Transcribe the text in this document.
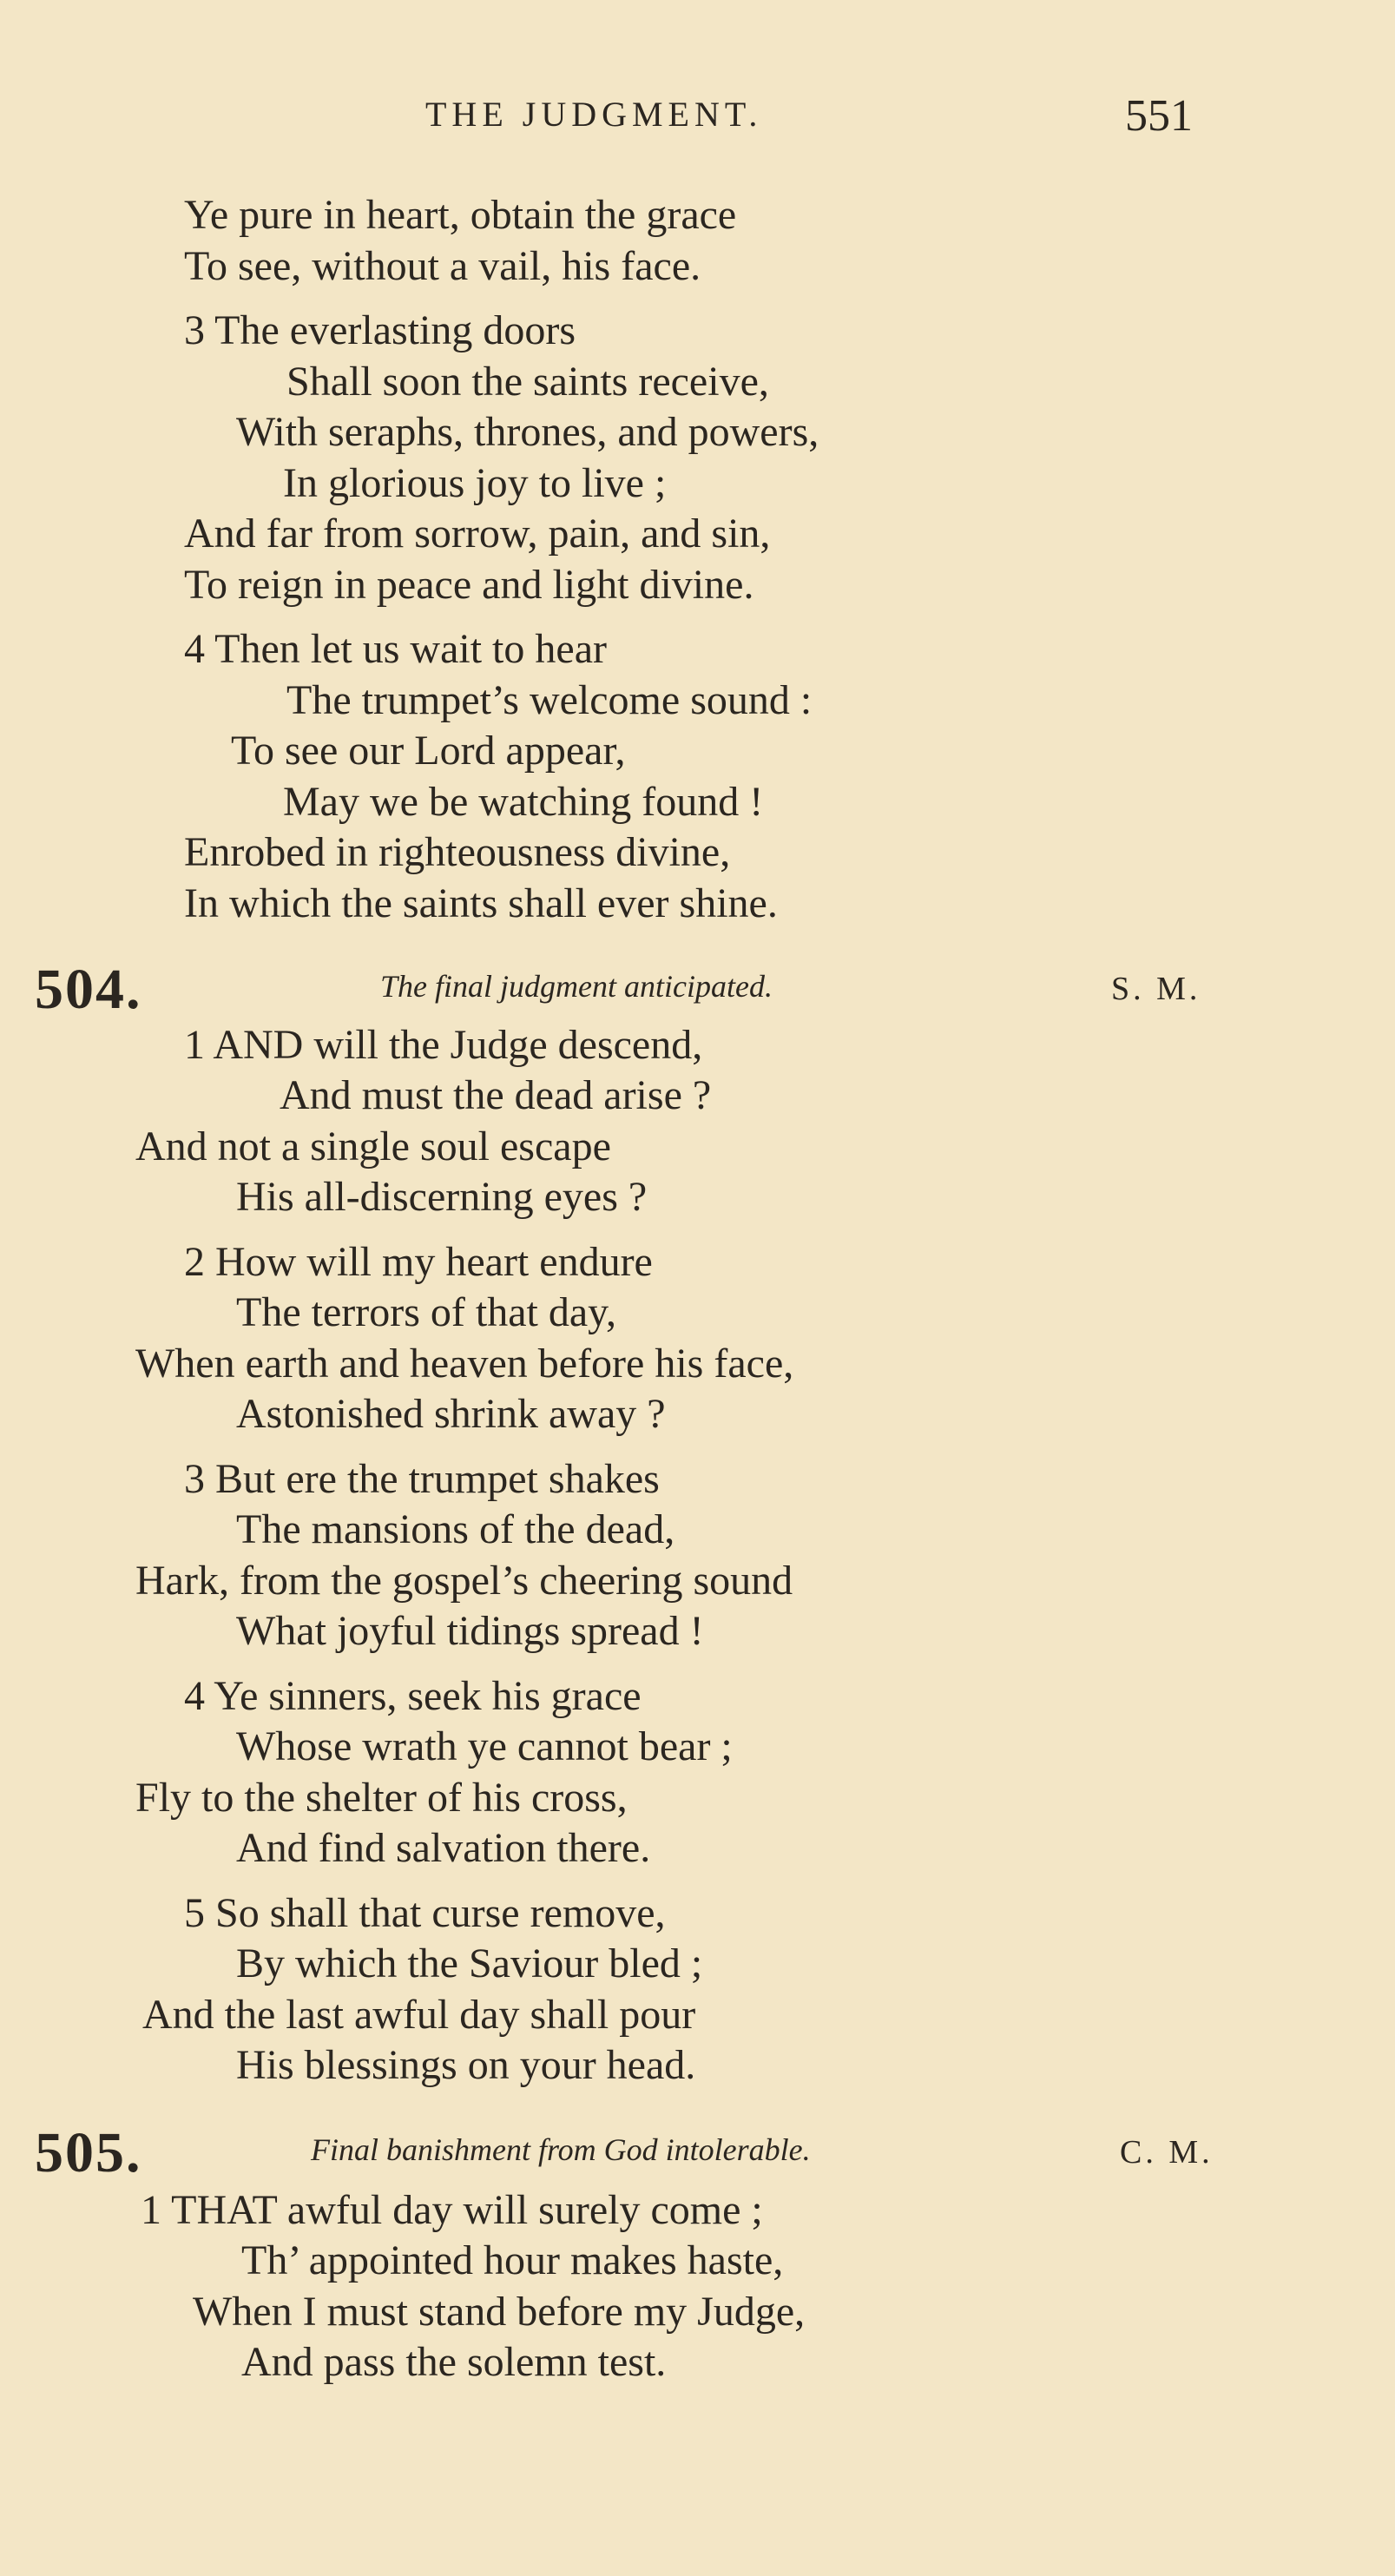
THE JUDGMENT.	551
Ye pure in heart, obtain the grace
To see, without a vail, his face.
3 The everlasting doors
Shall soon the saints receive,
With seraphs, thrones, and powers,
In glorious joy to live ;
And far from sorrow, pain, and sin,
To reign in peace and light divine.
4 Then let us wait to hear
The trumpet’s welcome sound :
To see our Lord appear,
May we be watching found !
Enrobed in righteousness divine,
In which the saints shall ever shine.
504.	The final judgment anticipated.	S. M.
1 AND will the Judge descend,
And must the dead arise ?
And not a single soul escape
His all-discerning eyes ?
2 How will my heart endure
The terrors of that day,
When earth and heaven before his face,
Astonished shrink away ?
3 But ere the trumpet shakes
The mansions of the dead,
Hark, from the gospel’s cheering sound
What joyful tidings spread !
4 Ye sinners, seek his grace
Whose wrath ye cannot bear ;
Fly to the shelter of his cross,
And find salvation there.
5 So shall that curse remove,
By which the Saviour bled ;
And the last awful day shall pour
His blessings on your head.
505.	Final banishment from God intolerable.	C. M.
1 THAT awful day will surely come ;
Th’ appointed hour makes haste,
When I must stand before my Judge,
And pass the solemn test.
